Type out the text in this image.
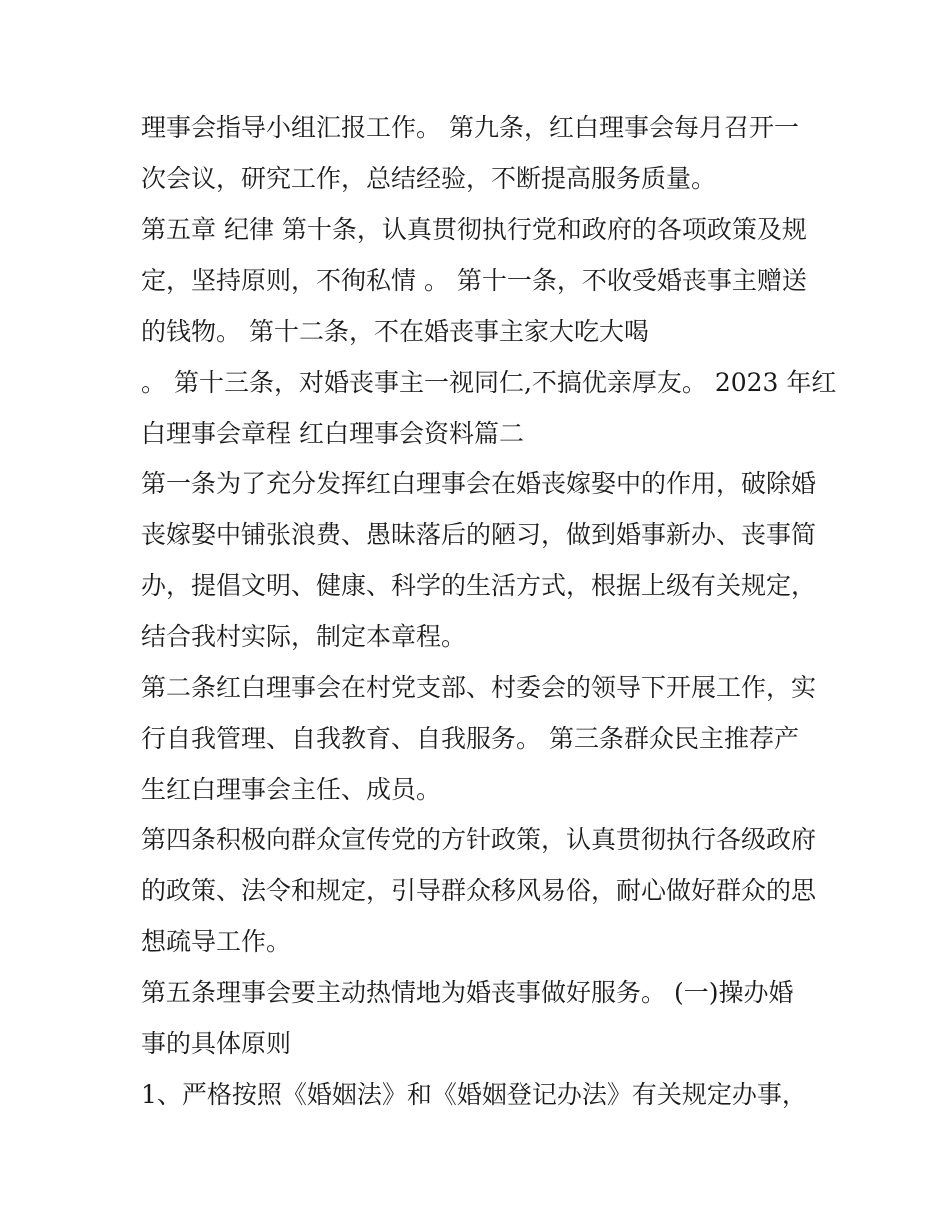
理事会指导小组汇报工作。 第九条，红白理事会每月召开一
次会议，研究工作，总结经验，不断提高服务质量。
第五章 纪律 第十条，认真贯彻执行党和政府的各项政策及规
定，坚持原则，不徇私情 。 第十一条，不收受婚丧事主赠送
的钱物。 第十二条，不在婚丧事主家大吃大喝
。 第十三条，对婚丧事主一视同仁,不搞优亲厚友。 2023 年红
白理事会章程 红白理事会资料篇二
第一条为了充分发挥红白理事会在婚丧嫁娶中的作用，破除婚
丧嫁娶中铺张浪费、愚昧落后的陋习，做到婚事新办、丧事简
办，提倡文明、健康、科学的生活方式，根据上级有关规定，
结合我村实际，制定本章程。
第二条红白理事会在村党支部、村委会的领导下开展工作，实
行自我管理、自我教育、自我服务。 第三条群众民主推荐产
生红白理事会主任、成员。
第四条积极向群众宣传党的方针政策，认真贯彻执行各级政府
的政策、法令和规定，引导群众移风易俗，耐心做好群众的思
想疏导工作。
第五条理事会要主动热情地为婚丧事做好服务。 (一)操办婚
事的具体原则
1、严格按照《婚姻法》和《婚姻登记办法》有关规定办事，
